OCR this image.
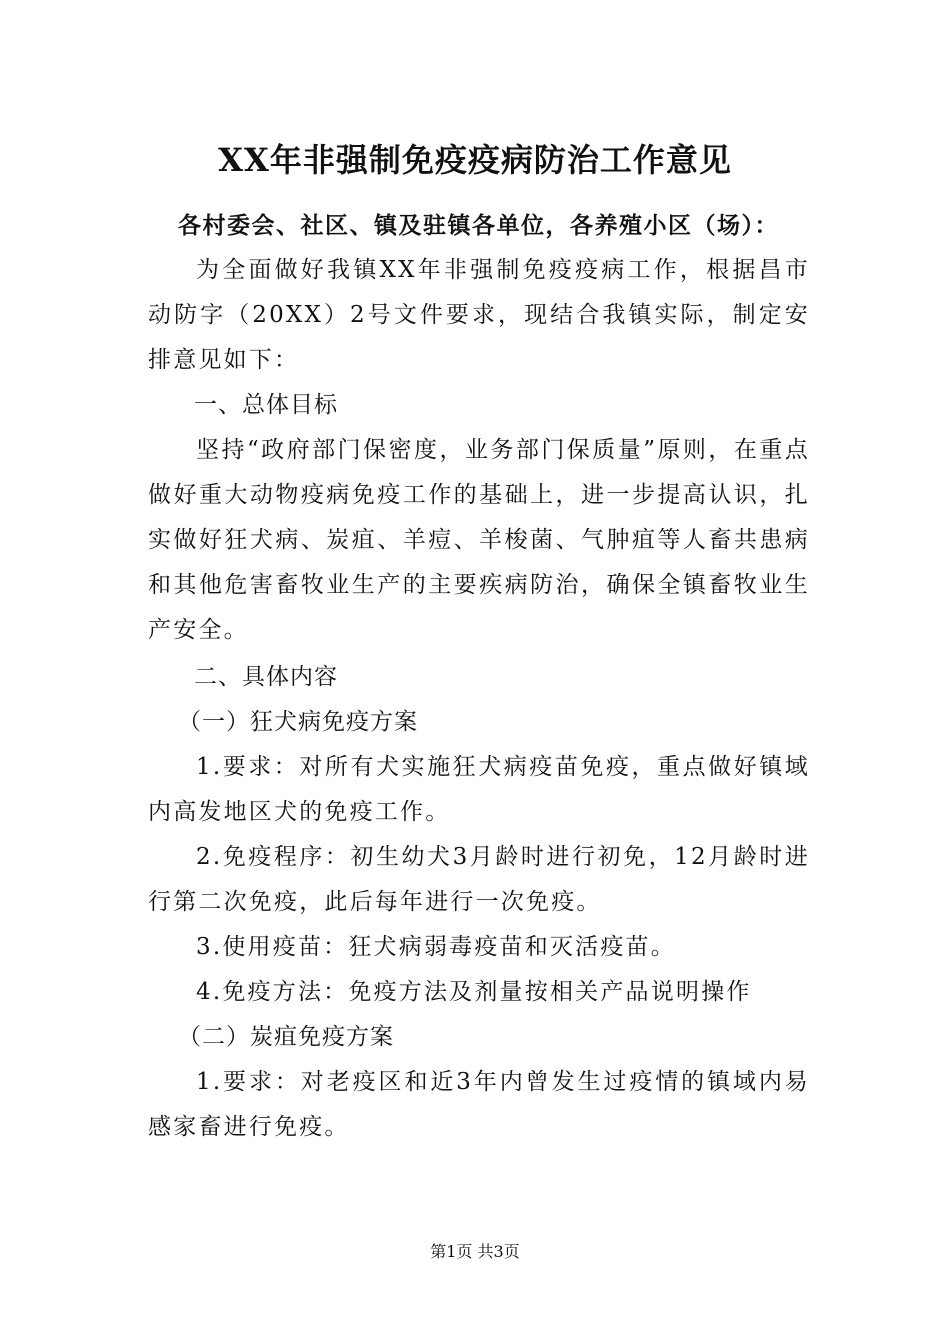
XX年非强制免疫疫病防治工作意见
各村委会、社区、镇及驻镇各单位，各养殖小区（场）：
为全面做好我镇XX年非强制免疫疫病工作，根据昌市动防字（20XX）2号文件要求，现结合我镇实际，制定安排意见如下：
一、总体目标
坚持“政府部门保密度，业务部门保质量”原则，在重点做好重大动物疫病免疫工作的基础上，进一步提高认识，扎实做好狂犬病、炭疽、羊痘、羊梭菌、气肿疽等人畜共患病和其他危害畜牧业生产的主要疾病防治，确保全镇畜牧业生产安全。
二、具体内容
（一）狂犬病免疫方案
1.要求：对所有犬实施狂犬病疫苗免疫，重点做好镇域内高发地区犬的免疫工作。
2.免疫程序：初生幼犬3月龄时进行初免，12月龄时进行第二次免疫，此后每年进行一次免疫。
3.使用疫苗：狂犬病弱毒疫苗和灭活疫苗。
4.免疫方法：免疫方法及剂量按相关产品说明操作
（二）炭疽免疫方案
1.要求：对老疫区和近3年内曾发生过疫情的镇域内易感家畜进行免疫。
第1页 共3页
